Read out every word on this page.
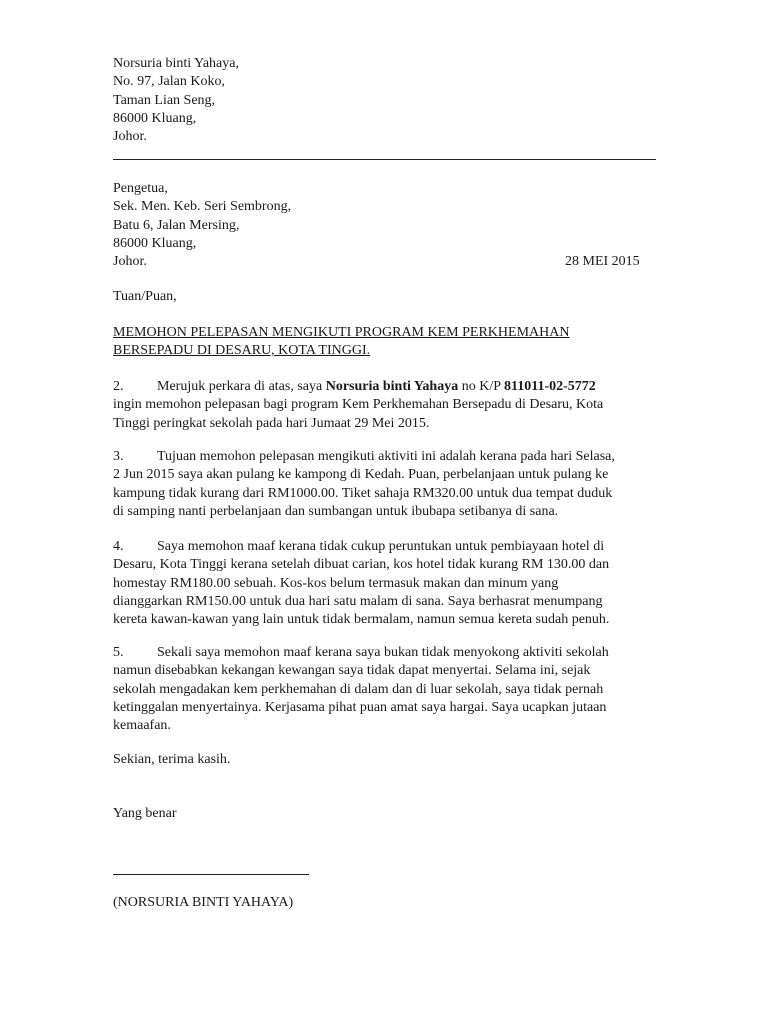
Norsuria binti Yahaya,
No. 97, Jalan Koko,
Taman Lian Seng,
86000 Kluang,
Johor.
Pengetua,
Sek. Men. Keb. Seri Sembrong,
Batu 6, Jalan Mersing,
86000 Kluang,
Johor.	28 MEI 2015
Tuan/Puan,
MEMOHON PELEPASAN MENGIKUTI PROGRAM KEM PERKHEMAHAN
BERSEPADU DI DESARU, KOTA TINGGI.
2. Merujuk perkara di atas, saya Norsuria binti Yahaya no K/P 811011-02-5772
ingin memohon pelepasan bagi program Kem Perkhemahan Bersepadu di Desaru, Kota
Tinggi peringkat sekolah pada hari Jumaat 29 Mei 2015.
3. Tujuan memohon pelepasan mengikuti aktiviti ini adalah kerana pada hari Selasa,
2 Jun 2015 saya akan pulang ke kampong di Kedah. Puan, perbelanjaan untuk pulang ke
kampung tidak kurang dari RM1000.00. Tiket sahaja RM320.00 untuk dua tempat duduk
di samping nanti perbelanjaan dan sumbangan untuk ibubapa setibanya di sana.
4. Saya memohon maaf kerana tidak cukup peruntukan untuk pembiayaan hotel di
Desaru, Kota Tinggi kerana setelah dibuat carian, kos hotel tidak kurang RM 130.00 dan
homestay RM180.00 sebuah. Kos-kos belum termasuk makan dan minum yang
dianggarkan RM150.00 untuk dua hari satu malam di sana. Saya berhasrat menumpang
kereta kawan-kawan yang lain untuk tidak bermalam, namun semua kereta sudah penuh.
5. Sekali saya memohon maaf kerana saya bukan tidak menyokong aktiviti sekolah
namun disebabkan kekangan kewangan saya tidak dapat menyertai. Selama ini, sejak
sekolah mengadakan kem perkhemahan di dalam dan di luar sekolah, saya tidak pernah
ketinggalan menyertainya. Kerjasama pihat puan amat saya hargai. Saya ucapkan jutaan
kemaafan.
Sekian, terima kasih.
Yang benar
(NORSURIA BINTI YAHAYA)
